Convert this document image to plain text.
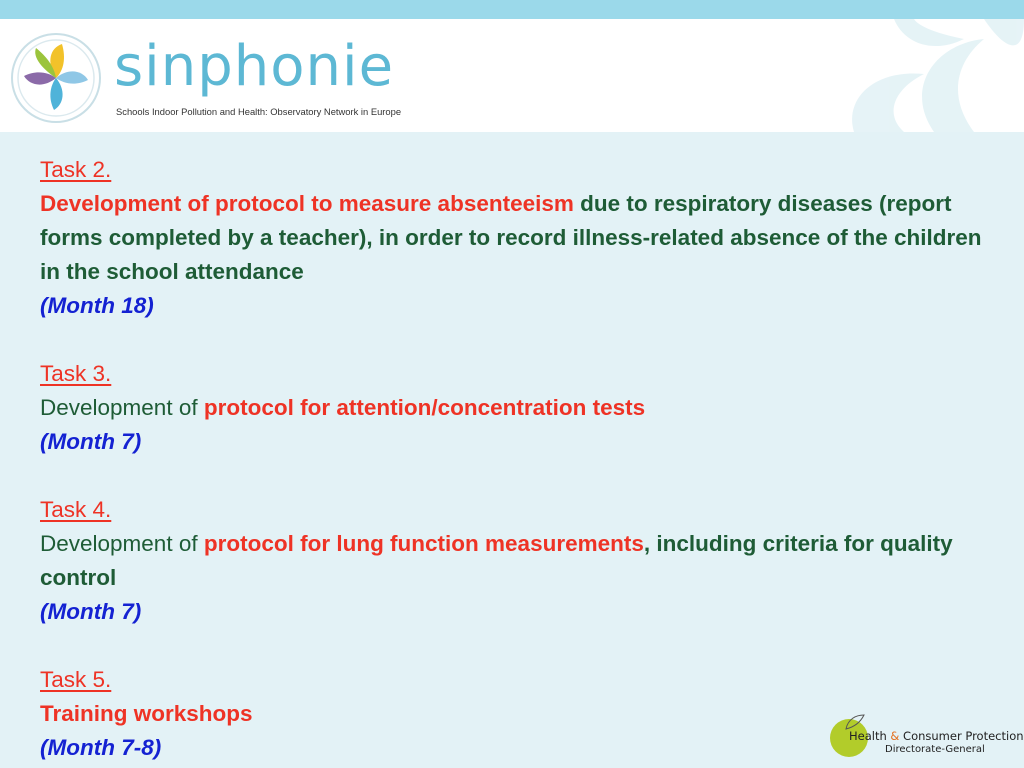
sinphonie
Schools Indoor Pollution and Health: Observatory Network in Europe

Task 2.

Development of protocol to measure absenteeism due to respiratory diseases (report forms completed by a teacher), in order to record illness-related absence of the children in the school attendance

(Month 18)

Task 3.

Development of protocol for attention/concentration tests

(Month 7)

Task 4.

Development of protocol for lung function measurements, including criteria for quality control

(Month 7)

Task 5.

Training workshops

(Month 7-8)	Health & Consumer Protection
Directorate-General
